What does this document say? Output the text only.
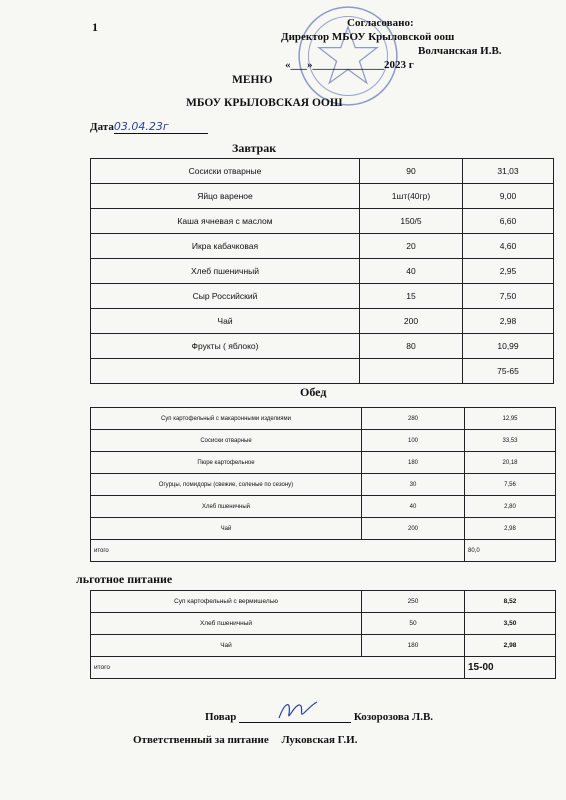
1	Согласовано:
Директор МБОУ Крыловской оош
Волчанская И.В.
«___»_____________2023 г
МЕНЮ
МБОУ КРЫЛОВСКАЯ ООШ
Дата03.04.23г
Завтрак
Сосиски отварные	90	31,03
Яйцо вареное	1шт(40гр)	9,00
Каша ячневая с маслом	150/5	6,60
Икра кабачковая	20	4,60
Хлеб пшеничный	40	2,95
Сыр Российский	15	7,50
Чай	200	2,98
Фрукты ( яблоко)	80	10,99
		75-65
Обед
Суп картофельный с макаронными изделиями	280	12,95
Сосиски отварные	100	33,53
Пюре картофельное	180	20,18
Огурцы, помидоры (свежие, соленые по сезону)	30	7,56
Хлеб пшеничный	40	2,80
Чай	200	2,98
итого		80,0
льготное питание
Суп картофельный с вермишелью	250	8,52
Хлеб пшеничный	50	3,50
Чай	180	2,98
итого		15-00
Повар	Козорозова Л.В.
Ответственный за питание Луковская Г.И.
